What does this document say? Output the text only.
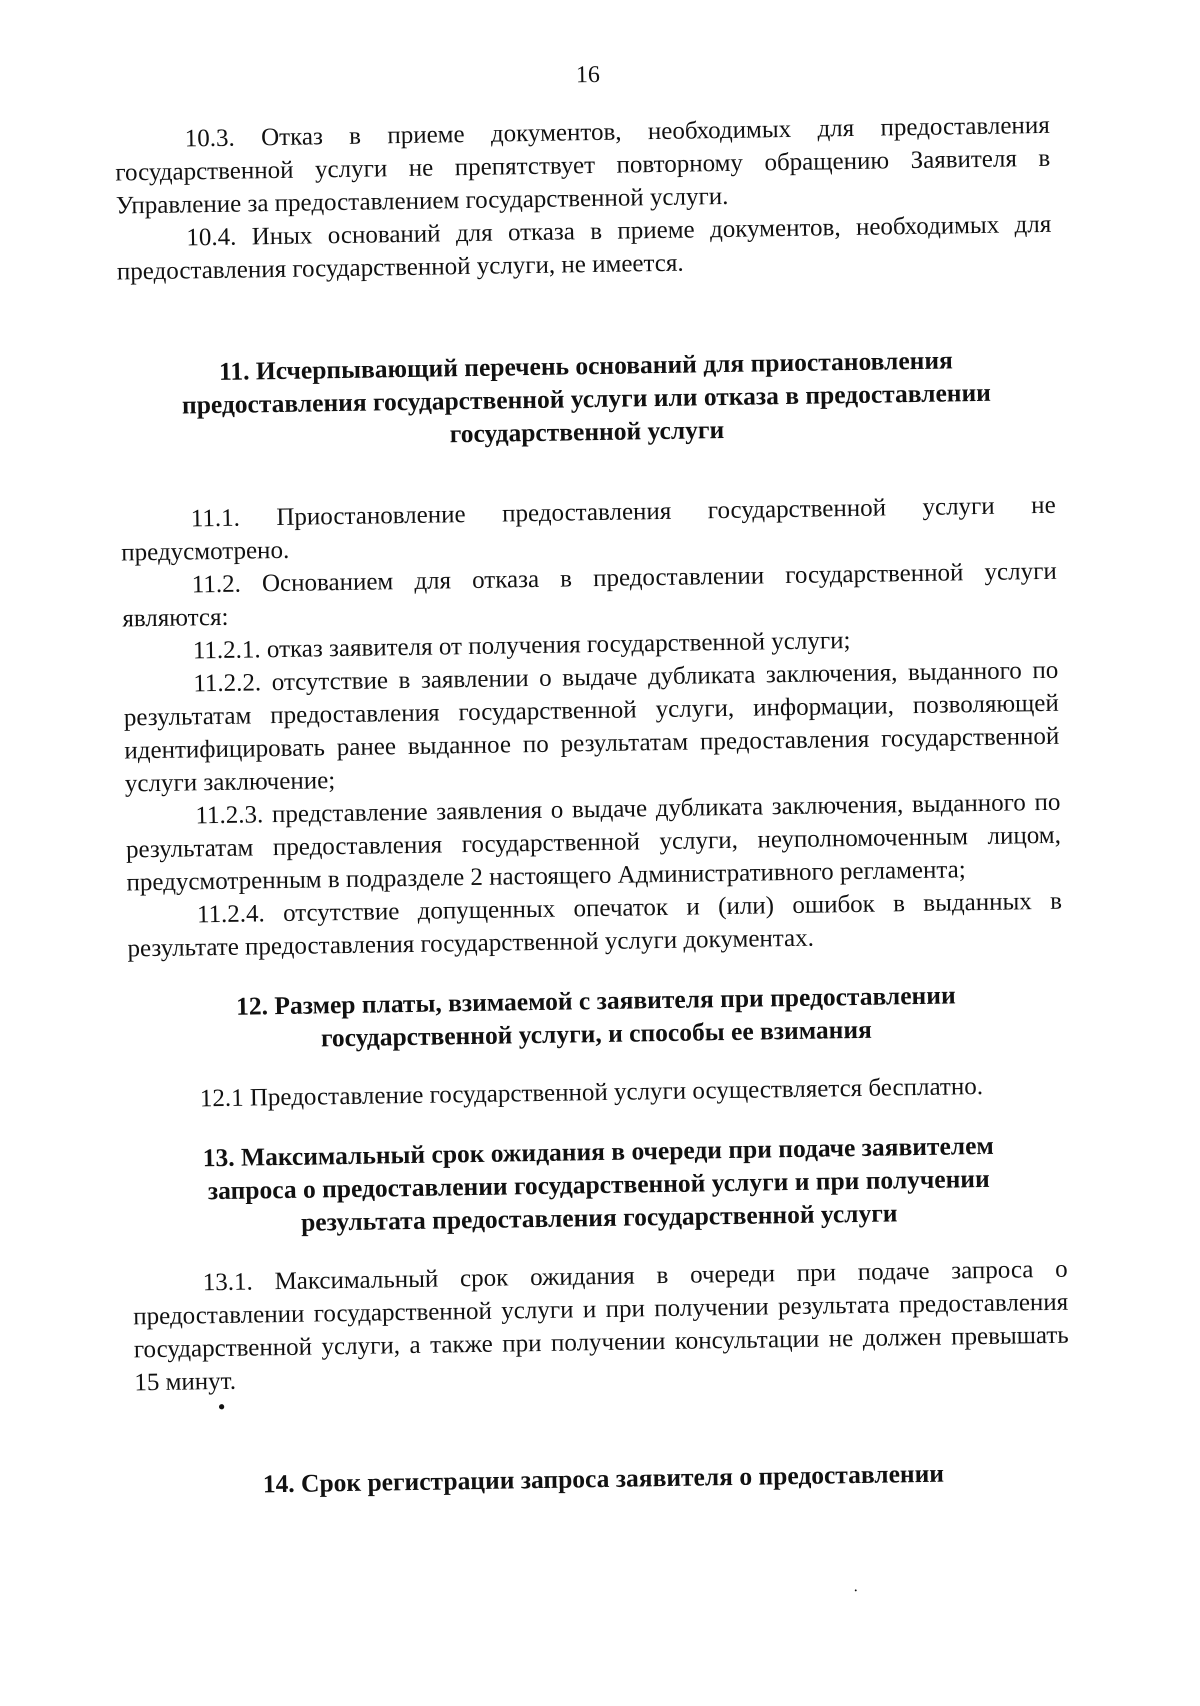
16

10.3. Отказ в приеме документов, необходимых для предоставления государственной услуги не препятствует повторному обращению Заявителя в Управление за предоставлением государственной услуги.

10.4. Иных оснований для отказа в приеме документов, необходимых для предоставления государственной услуги, не имеется.

11. Исчерпывающий перечень оснований для приостановления предоставления государственной услуги или отказа в предоставлении государственной услуги

11.1. Приостановление предоставления государственной услуги не предусмотрено.

11.2. Основанием для отказа в предоставлении государственной услуги являются:

11.2.1. отказ заявителя от получения государственной услуги;

11.2.2. отсутствие в заявлении о выдаче дубликата заключения, выданного по результатам предоставления государственной услуги, информации, позволяющей идентифицировать ранее выданное по результатам предоставления государственной услуги заключение;

11.2.3. представление заявления о выдаче дубликата заключения, выданного по результатам предоставления государственной услуги, неуполномоченным лицом, предусмотренным в подразделе 2 настоящего Административного регламента;

11.2.4. отсутствие допущенных опечаток и (или) ошибок в выданных в результате предоставления государственной услуги документах.

12. Размер платы, взимаемой с заявителя при предоставлении государственной услуги, и способы ее взимания

12.1 Предоставление государственной услуги осуществляется бесплатно.

13. Максимальный срок ожидания в очереди при подаче заявителем запроса о предоставлении государственной услуги и при получении результата предоставления государственной услуги

13.1. Максимальный срок ожидания в очереди при подаче запроса о предоставлении государственной услуги и при получении результата предоставления государственной услуги, а также при получении консультации не должен превышать 15 минут.

14. Срок регистрации запроса заявителя о предоставлении

•
.
